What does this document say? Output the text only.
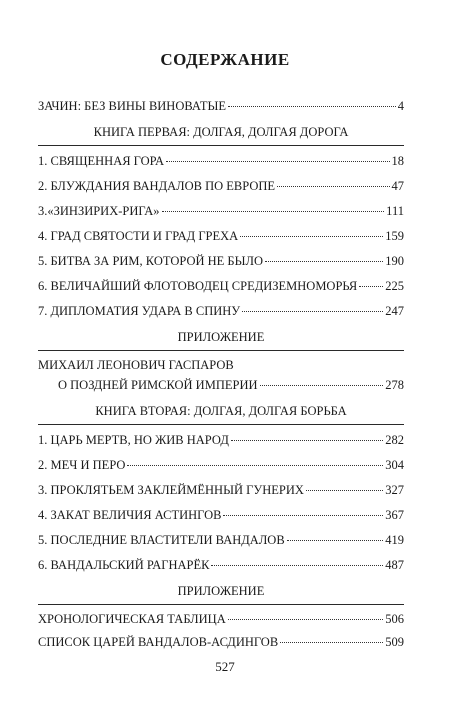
СОДЕРЖАНИЕ
ЗАЧИН: БЕЗ ВИНЫ ВИНОВАТЫЕ	4
КНИГА ПЕРВАЯ: ДОЛГАЯ, ДОЛГАЯ ДОРОГА
1. СВЯЩЕННАЯ ГОРА	18
2. БЛУЖДАНИЯ ВАНДАЛОВ ПО ЕВРОПЕ	47
3.«ЗИНЗИРИХ-РИГА»	111
4. ГРАД СВЯТОСТИ И ГРАД ГРЕХА	159
5. БИТВА ЗА РИМ, КОТОРОЙ НЕ БЫЛО	190
6. ВЕЛИЧАЙШИЙ ФЛОТОВОДЕЦ СРЕДИЗЕМНОМОРЬЯ 225
7. ДИПЛОМАТИЯ УДАРА В СПИНУ	247
ПРИЛОЖЕНИЕ
МИХАИЛ ЛЕОНОВИЧ ГАСПАРОВ
О ПОЗДНЕЙ РИМСКОЙ ИМПЕРИИ	278
КНИГА ВТОРАЯ: ДОЛГАЯ, ДОЛГАЯ БОРЬБА
1. ЦАРЬ МЕРТВ, НО ЖИВ НАРОД	282
2. МЕЧ И ПЕРО	304
3. ПРОКЛЯТЬЕМ ЗАКЛЕЙМЁННЫЙ ГУНЕРИХ	327
4. ЗАКАТ ВЕЛИЧИЯ АСТИНГОВ	367
5. ПОСЛЕДНИЕ ВЛАСТИТЕЛИ ВАНДАЛОВ	419
6. ВАНДАЛЬСКИЙ РАГНАРЁК	487
ПРИЛОЖЕНИЕ
ХРОНОЛОГИЧЕСКАЯ ТАБЛИЦА	506
СПИСОК ЦАРЕЙ ВАНДАЛОВ-АСДИНГОВ	509
527
